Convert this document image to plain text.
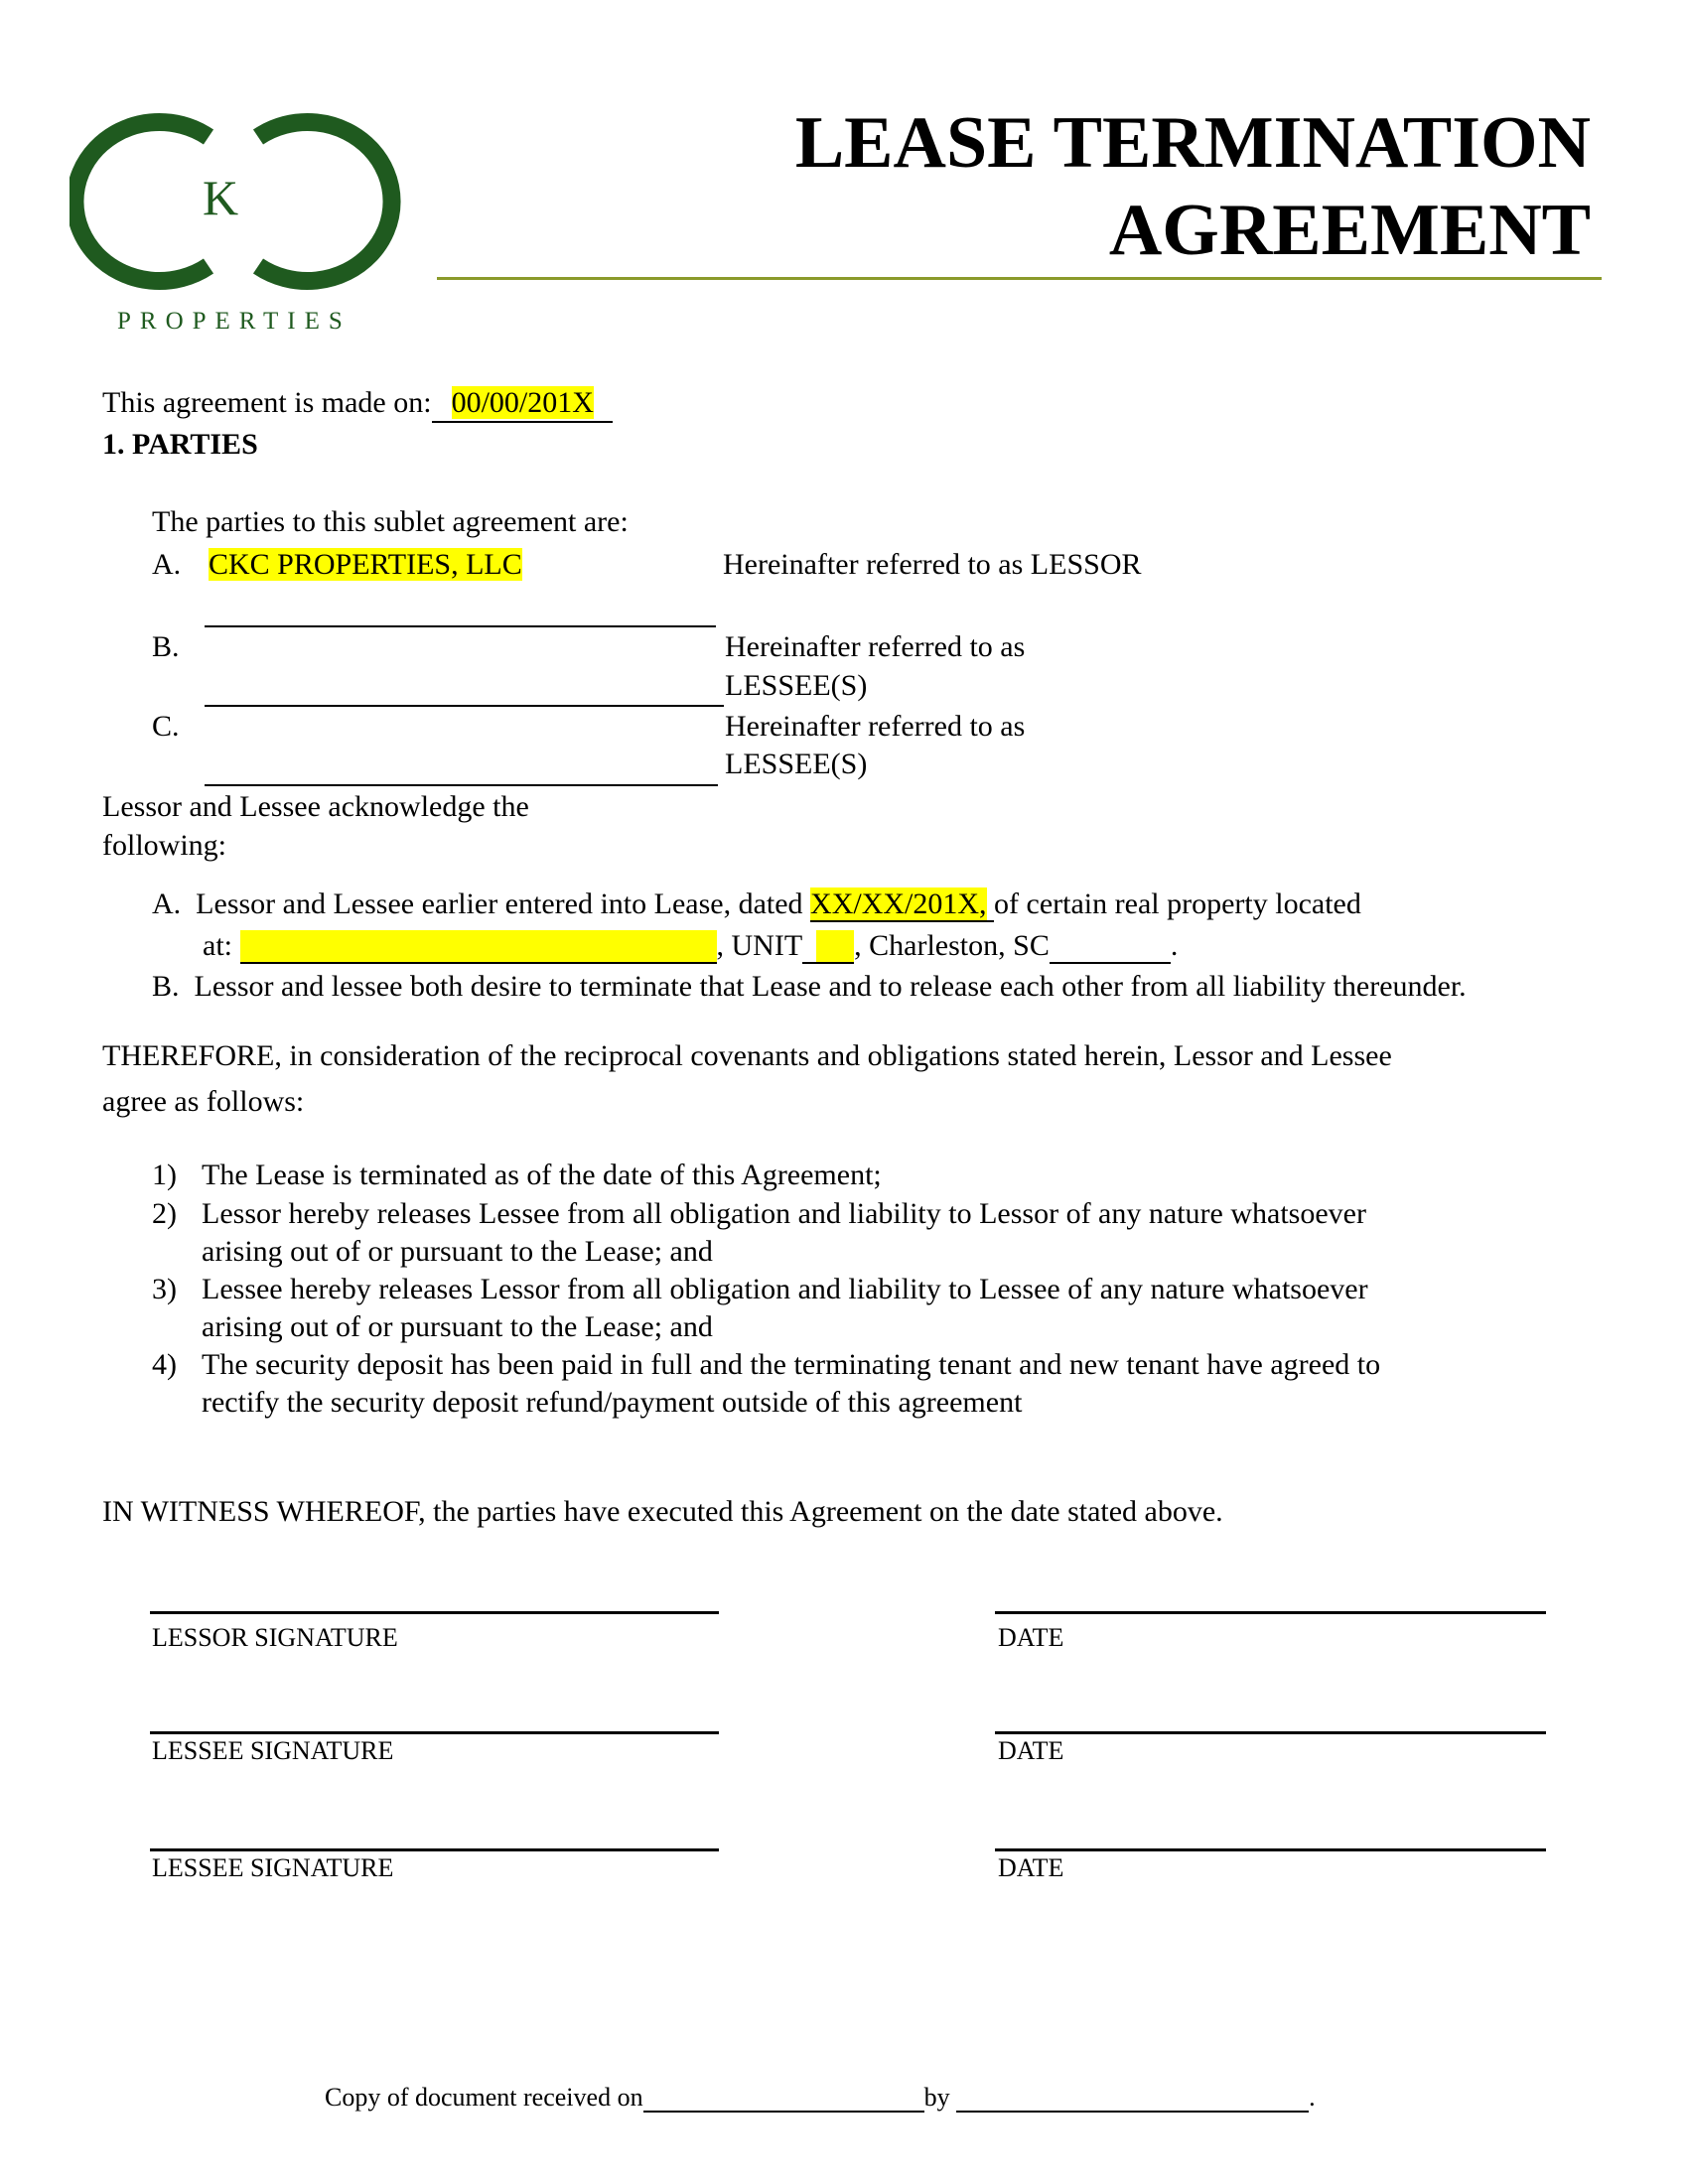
K
PROPERTIES
LEASE TERMINATION
AGREEMENT
This agreement is made on: 00/00/201X
1. PARTIES
The parties to this sublet agreement are:
A. CKC PROPERTIES, LLC	Hereinafter referred to as LESSOR
B.	Hereinafter referred to as
LESSEE(S)
C.	Hereinafter referred to as
LESSEE(S)
Lessor and Lessee acknowledge the
following:
A. Lessor and Lessee earlier entered into Lease, dated XX/XX/201X, of certain real property located
at:	, UNIT , Charleston, SC	.
B. Lessor and lessee both desire to terminate that Lease and to release each other from all liability thereunder.
THEREFORE, in consideration of the reciprocal covenants and obligations stated herein, Lessor and Lessee
agree as follows:
1) The Lease is terminated as of the date of this Agreement;
2) Lessor hereby releases Lessee from all obligation and liability to Lessor of any nature whatsoever
arising out of or pursuant to the Lease; and
3) Lessee hereby releases Lessor from all obligation and liability to Lessee of any nature whatsoever
arising out of or pursuant to the Lease; and
4) The security deposit has been paid in full and the terminating tenant and new tenant have agreed to
rectify the security deposit refund/payment outside of this agreement
IN WITNESS WHEREOF, the parties have executed this Agreement on the date stated above.
LESSOR SIGNATURE	DATE
LESSEE SIGNATURE	DATE
LESSEE SIGNATURE	DATE
Copy of document received on	by	.
